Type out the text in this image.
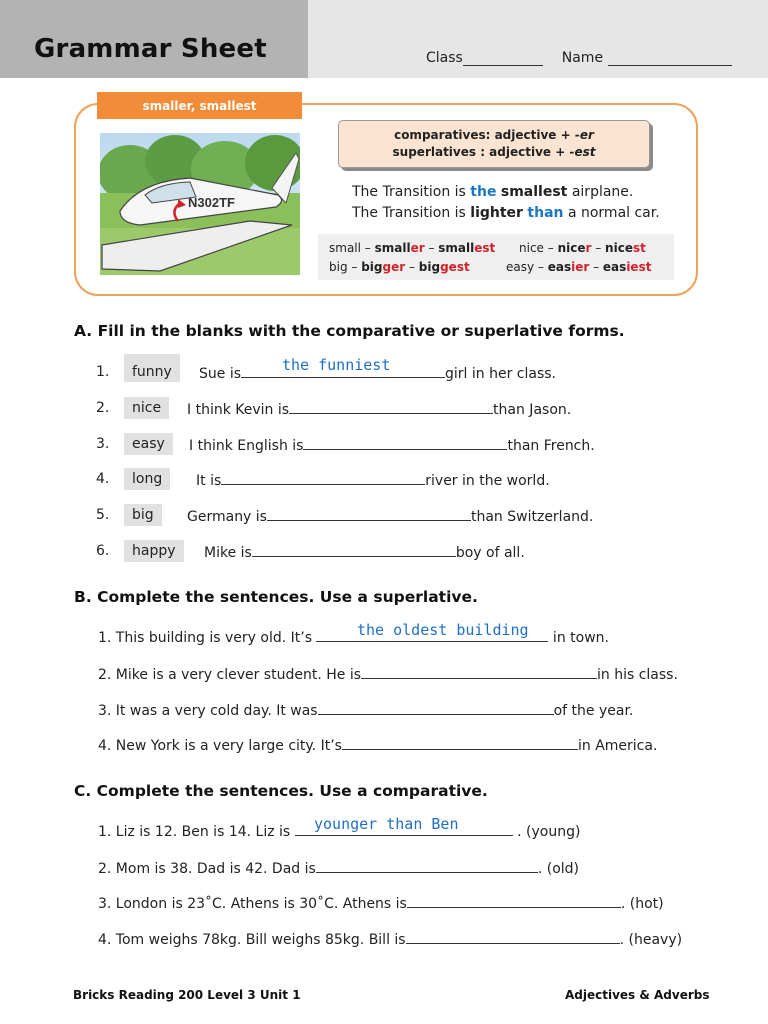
Grammar Sheet	Class	Name
smaller, smallest
N302TF
comparatives: adjective + -er
superlatives : adjective + -est
The Transition is the smallest airplane.
The Transition is lighter than a normal car.
small – smaller – smallest nice – nicer – nicest
big – bigger – biggest	easy – easier – easiest
A. Fill in the blanks with the comparative or superlative forms.
1.	funny	Sue is	girl in her class.
the funniest
2.	nice	I think Kevin is	than Jason.
3.	easy	I think English is	than French.
4.	long	It is	river in the world.
5.	big	Germany is	than Switzerland.
6.	happy	Mike is	boy of all.
B. Complete the sentences. Use a superlative.
1. This building is very old. It’s	in town.
the oldest building
2. Mike is a very clever student. He is	in his class.
3. It was a very cold day. It was	of the year.
4. New York is a very large city. It’s	in America.
C. Complete the sentences. Use a comparative.
1. Liz is 12. Ben is 14. Liz is	. (young)
younger than Ben
2. Mom is 38. Dad is 42. Dad is	. (old)
3. London is 23˚C. Athens is 30˚C. Athens is	. (hot)
4. Tom weighs 78kg. Bill weighs 85kg. Bill is	. (heavy)
Bricks Reading 200 Level 3 Unit 1	Adjectives & Adverbs
